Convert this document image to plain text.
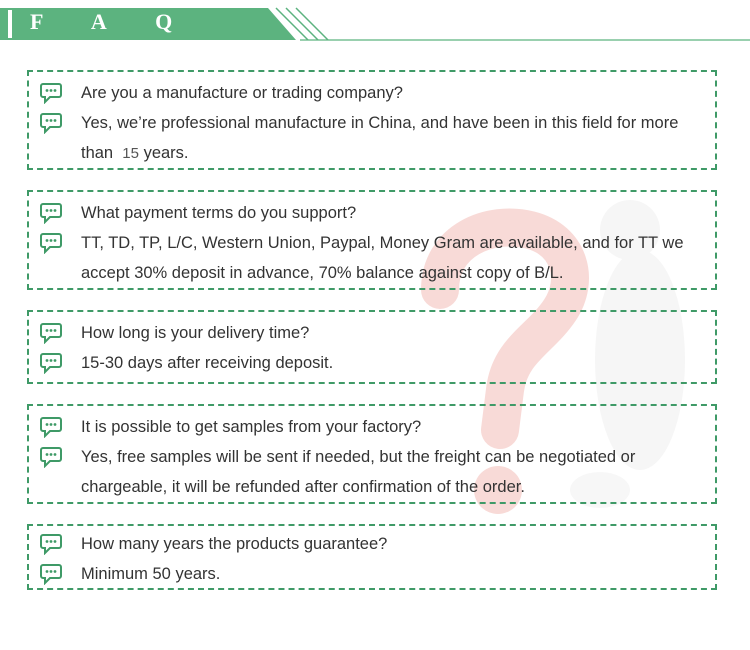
F A Q
Are you a manufacture or trading company?
Yes, we’re professional manufacture in China, and have been in this field for more than 15 years.
What payment terms do you support?
TT, TD, TP, L/C, Western Union, Paypal, Money Gram are available, and for TT we accept 30% deposit in advance, 70% balance against copy of B/L.
How long is your delivery time?
15-30 days after receiving deposit.
It is possible to get samples from your factory?
Yes, free samples will be sent if needed, but the freight can be negotiated or chargeable, it will be refunded after confirmation of the order.
How many years the products guarantee?
Minimum 50 years.
